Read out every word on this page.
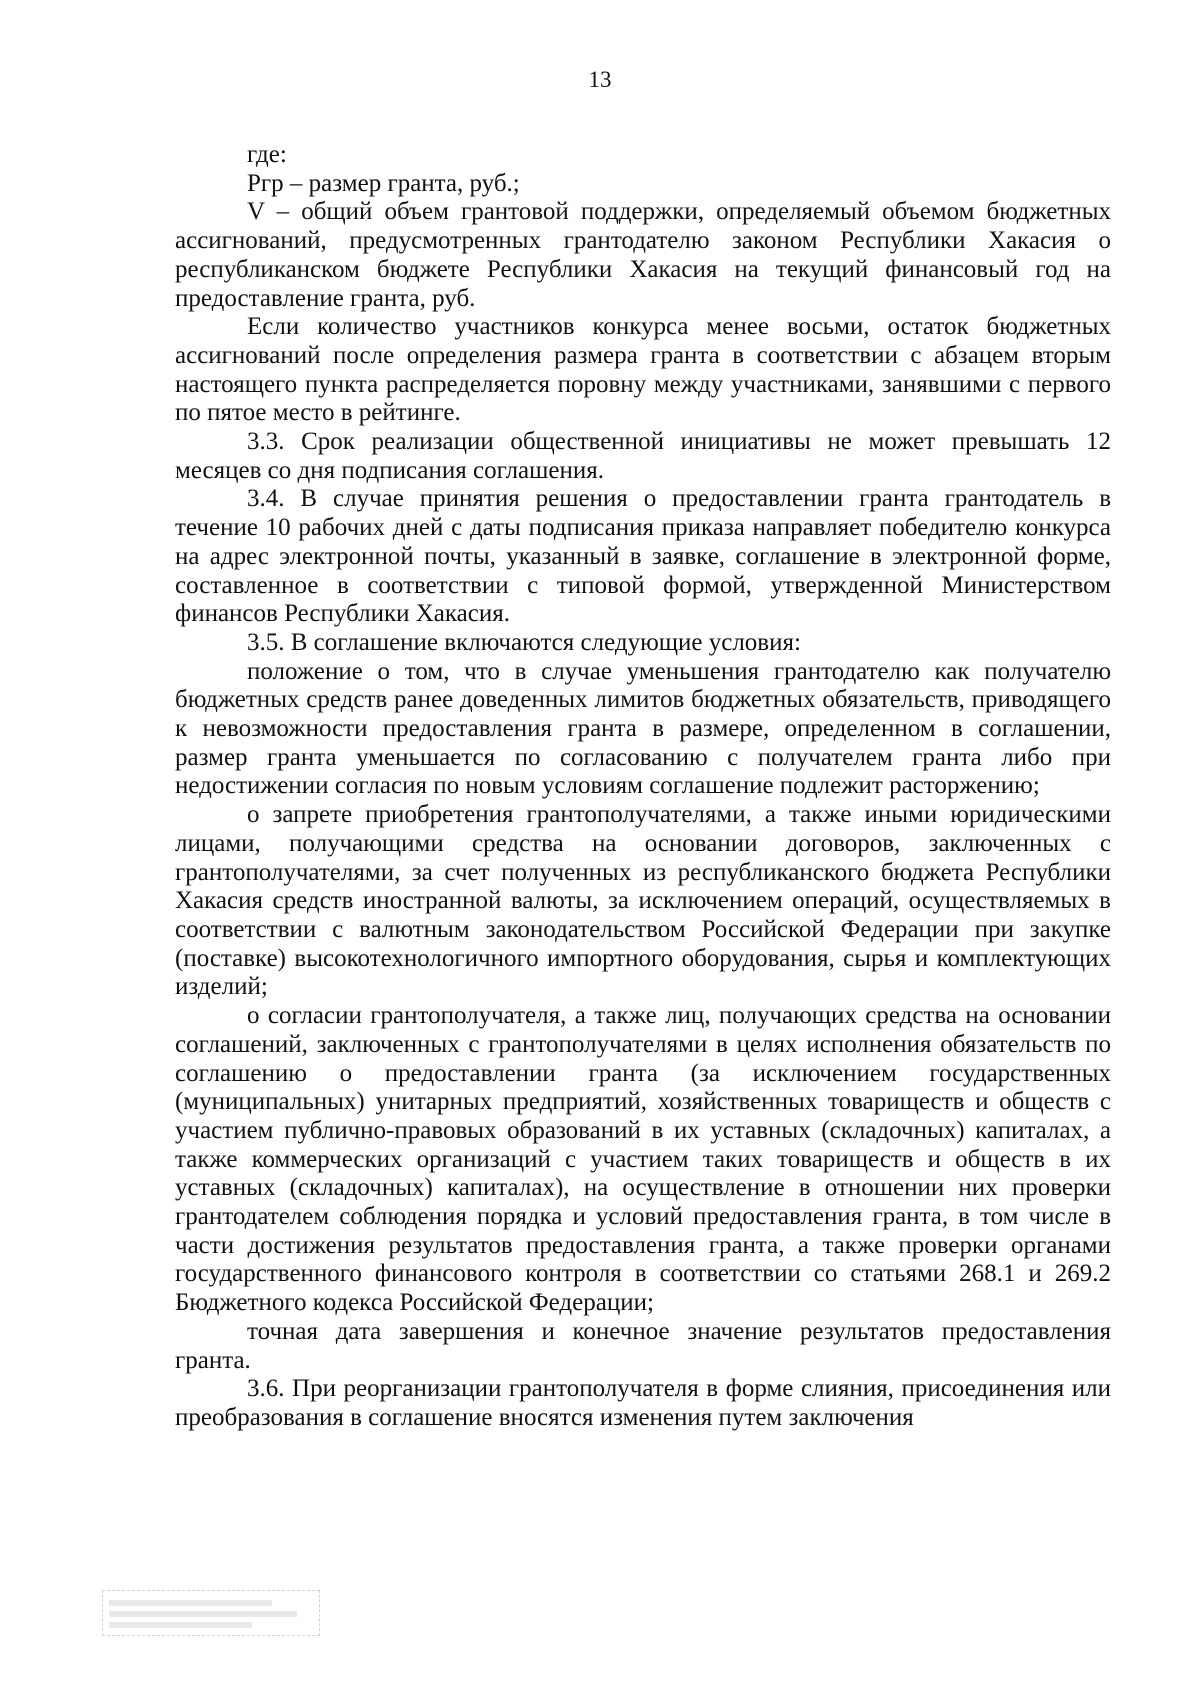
13

где:

Pгр – размер гранта, руб.;

V – общий объем грантовой поддержки, определяемый объемом бюджетных ассигнований, предусмотренных грантодателю законом Республики Хакасия о республиканском бюджете Республики Хакасия на текущий финансовый год на предоставление гранта, руб.

Если количество участников конкурса менее восьми, остаток бюджетных ассигнований после определения размера гранта в соответствии с абзацем вторым настоящего пункта распределяется поровну между участниками, занявшими с первого по пятое место в рейтинге.

3.3. Срок реализации общественной инициативы не может превышать 12 месяцев со дня подписания соглашения.

3.4. В случае принятия решения о предоставлении гранта грантодатель в течение 10 рабочих дней с даты подписания приказа направляет победителю конкурса на адрес электронной почты, указанный в заявке, соглашение в электронной форме, составленное в соответствии с типовой формой, утвержденной Министерством финансов Республики Хакасия.

3.5. В соглашение включаются следующие условия:

положение о том, что в случае уменьшения грантодателю как получателю бюджетных средств ранее доведенных лимитов бюджетных обязательств, приводящего к невозможности предоставления гранта в размере, определенном в соглашении, размер гранта уменьшается по согласованию с получателем гранта либо при недостижении согласия по новым условиям соглашение подлежит расторжению;

о запрете приобретения грантополучателями, а также иными юридическими лицами, получающими средства на основании договоров, заключенных с грантополучателями, за счет полученных из республиканского бюджета Республики Хакасия средств иностранной валюты, за исключением операций, осуществляемых в соответствии с валютным законодательством Российской Федерации при закупке (поставке) высокотехнологичного импортного оборудования, сырья и комплектующих изделий;

о согласии грантополучателя, а также лиц, получающих средства на основании соглашений, заключенных с грантополучателями в целях исполнения обязательств по соглашению о предоставлении гранта (за исключением государственных (муниципальных) унитарных предприятий, хозяйственных товариществ и обществ с участием публично-правовых образований в их уставных (складочных) капиталах, а также коммерческих организаций с участием таких товариществ и обществ в их уставных (складочных) капиталах), на осуществление в отношении них проверки грантодателем соблюдения порядка и условий предоставления гранта, в том числе в части достижения результатов предоставления гранта, а также проверки органами государственного финансового контроля в соответствии со статьями 268.1 и 269.2 Бюджетного кодекса Российской Федерации;

точная дата завершения и конечное значение результатов предоставления гранта.

3.6. При реорганизации грантополучателя в форме слияния, присоединения или преобразования в соглашение вносятся изменения путем заключения
